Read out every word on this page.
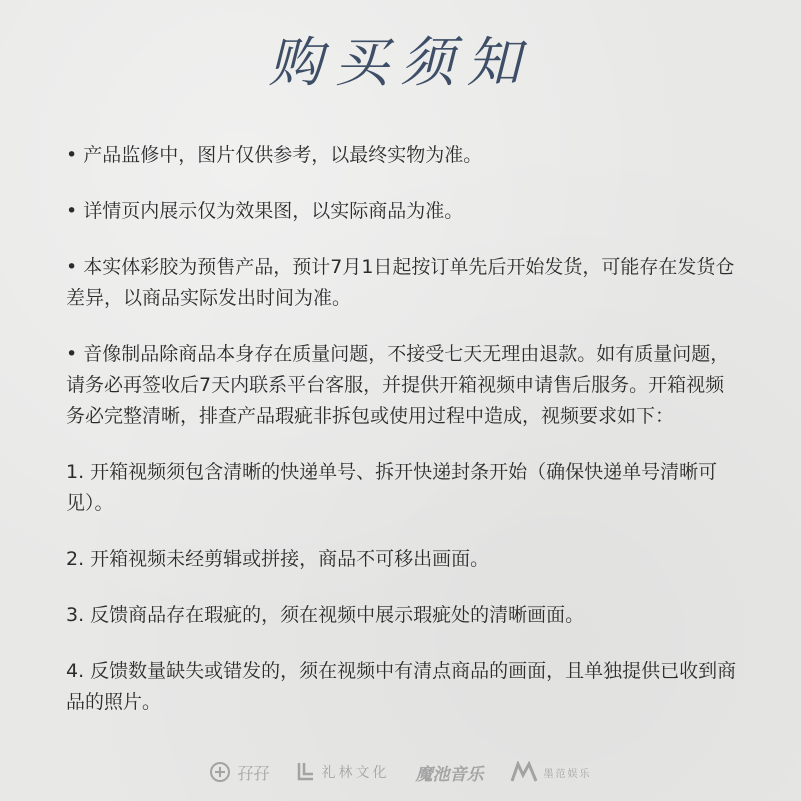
购买须知

• 产品监修中，图片仅供参考，以最终实物为准。

• 详情页内展示仅为效果图，以实际商品为准。

• 本实体彩胶为预售产品，预计7月1日起按订单先后开始发货，可能存在发货仓差异，以商品实际发出时间为准。

• 音像制品除商品本身存在质量问题，不接受七天无理由退款。如有质量问题，请务必再签收后7天内联系平台客服，并提供开箱视频申请售后服务。开箱视频务必完整清晰，排查产品瑕疵非拆包或使用过程中造成，视频要求如下：

1. 开箱视频须包含清晰的快递单号、拆开快递封条开始（确保快递单号清晰可见）。

2. 开箱视频未经剪辑或拼接，商品不可移出画面。

3. 反馈商品存在瑕疵的，须在视频中展示瑕疵处的清晰画面。

4. 反馈数量缺失或错发的，须在视频中有清点商品的画面，且单独提供已收到商品的照片。

孖孖	礼林文化 魔池音乐	墨范娱乐
